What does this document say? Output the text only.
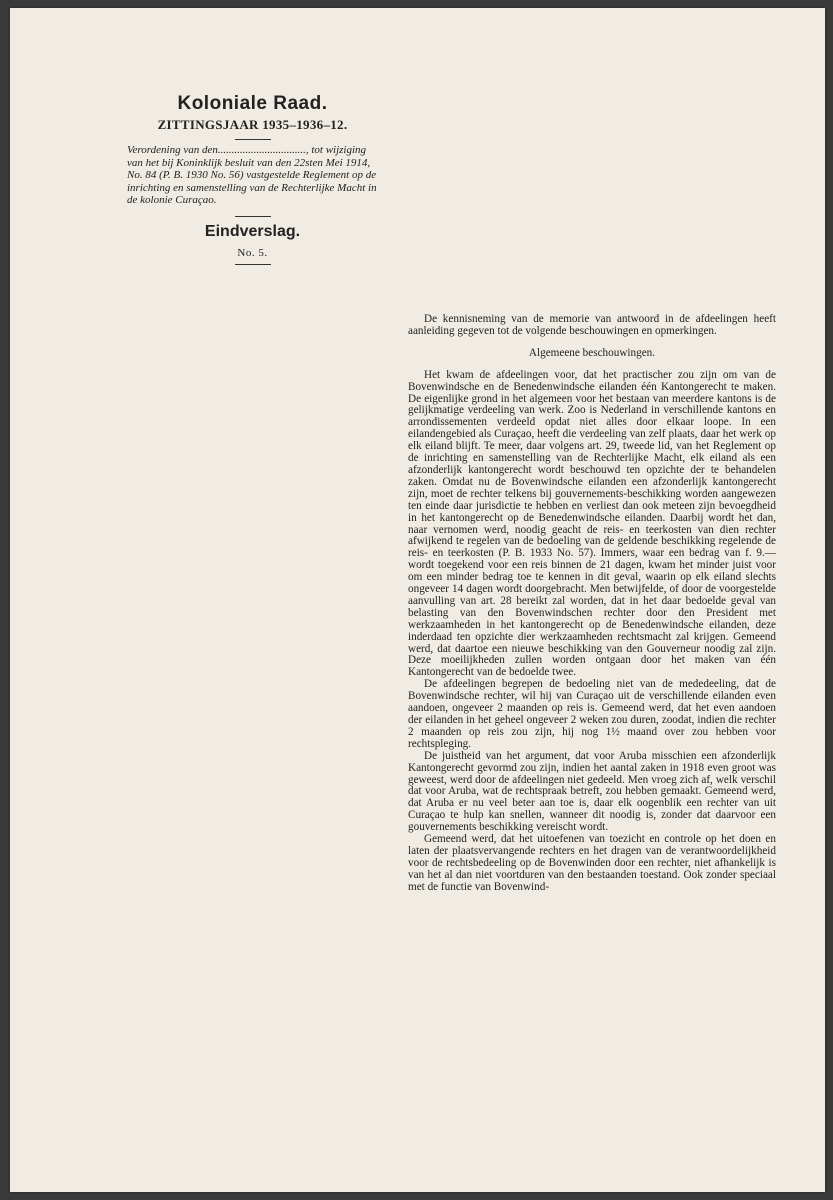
Koloniale Raad.
ZITTINGSJAAR 1935–1936–12.

Verordening van den................................, tot wijziging van het bij Koninklijk besluit van den 22sten Mei 1914, No. 84 (P. B. 1930 No. 56) vastgestelde Reglement op de inrichting en samenstelling van de Rechterlijke Macht in de kolonie Curaçao.

Eindverslag.
No. 5.

De kennisneming van de memorie van antwoord in de afdeelingen heeft aanleiding gegeven tot de volgende beschouwingen en opmerkingen.

Algemeene beschouwingen.

Het kwam de afdeelingen voor, dat het practischer zou zijn om van de Bovenwindsche en de Benedenwindsche eilanden één Kantongerecht te maken. De eigenlijke grond in het algemeen voor het bestaan van meerdere kantons is de gelijkmatige verdeeling van werk. Zoo is Nederland in verschillende kantons en arrondissementen verdeeld opdat niet alles door elkaar loope. In een eilandengebied als Curaçao, heeft die verdeeling van zelf plaats, daar het werk op elk eiland blijft. Te meer, daar volgens art. 29, tweede lid, van het Reglement op de inrichting en samenstelling van de Rechterlijke Macht, elk eiland als een afzonderlijk kantongerecht wordt beschouwd ten opzichte der te behandelen zaken. Omdat nu de Bovenwindsche eilanden een afzonderlijk kantongerecht zijn, moet de rechter telkens bij gouvernements-beschikking worden aangewezen ten einde daar jurisdictie te hebben en verliest dan ook meteen zijn bevoegdheid in het kantongerecht op de Benedenwindsche eilanden. Daarbij wordt het dan, naar vernomen werd, noodig geacht de reis- en teerkosten van dien rechter afwijkend te regelen van de bedoeling van de geldende beschikking regelende de reis- en teerkosten (P. B. 1933 No. 57). Immers, waar een bedrag van f. 9.— wordt toegekend voor een reis binnen de 21 dagen, kwam het minder juist voor om een minder bedrag toe te kennen in dit geval, waarin op elk eiland slechts ongeveer 14 dagen wordt doorgebracht. Men betwijfelde, of door de voorgestelde aanvulling van art. 28 bereikt zal worden, dat in het daar bedoelde geval van belasting van den Bovenwindschen rechter door den President met werkzaamheden in het kantongerecht op de Benedenwindsche eilanden, deze inderdaad ten opzichte dier werkzaamheden rechtsmacht zal krijgen. Gemeend werd, dat daartoe een nieuwe beschikking van den Gouverneur noodig zal zijn. Deze moeilijkheden zullen worden ontgaan door het maken van één Kantongerecht van de bedoelde twee.

De afdeelingen begrepen de bedoeling niet van de mededeeling, dat de Bovenwindsche rechter, wil hij van Curaçao uit de verschillende eilanden even aandoen, ongeveer 2 maanden op reis is. Gemeend werd, dat het even aandoen der eilanden in het geheel ongeveer 2 weken zou duren, zoodat, indien die rechter 2 maanden op reis zou zijn, hij nog 1½ maand over zou hebben voor rechtspleging.

De juistheid van het argument, dat voor Aruba misschien een afzonderlijk Kantongerecht gevormd zou zijn, indien het aantal zaken in 1918 even groot was geweest, werd door de afdeelingen niet gedeeld. Men vroeg zich af, welk verschil dat voor Aruba, wat de rechtspraak betreft, zou hebben gemaakt. Gemeend werd, dat Aruba er nu veel beter aan toe is, daar elk oogenblik een rechter van uit Curaçao te hulp kan snellen, wanneer dit noodig is, zonder dat daarvoor een gouvernements beschikking vereischt wordt.

Gemeend werd, dat het uitoefenen van toezicht en controle op het doen en laten der plaatsvervangende rechters en het dragen van de verantwoordelijkheid voor de rechtsbedeeling op de Bovenwinden door een rechter, niet afhankelijk is van het al dan niet voortduren van den bestaanden toestand. Ook zonder speciaal met de functie van Bovenwind-
